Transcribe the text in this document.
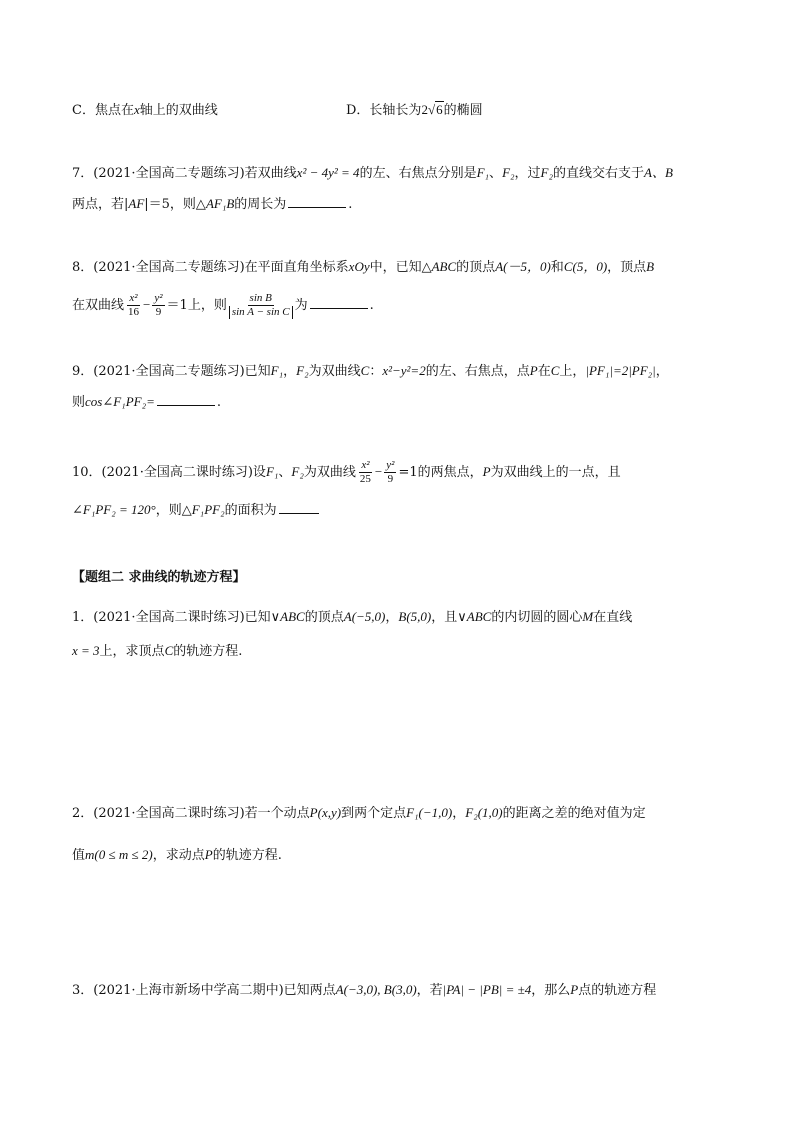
C．焦点在x轴上的双曲线	D．长轴长为2√6的椭圆
7．(2021·全国高二专题练习)若双曲线x² − 4y² = 4的左、右焦点分别是F₁、F₂，过F₂的直线交右支于A、B
两点，若|AF|＝5，则△AF₁B的周长为	.
8．(2021·全国高二专题练习)在平面直角坐标系xOy中，已知△ABC的顶点A(－5，0)和C(5，0)，顶点B
在双曲线 $\frac{\text{x²}}{16} - \frac{\text{y²}}{9} =1$上，则 $\frac{\text{sin B}}{\text{sin A − sin C}}$ 为	.
9．(2021·全国高二专题练习)已知F₁，F₂为双曲线C：x²−y²=2的左、右焦点，点P在C上，|PF₁|=2|PF₂|，
则cos∠F₁PF₂=	.
10．(2021·全国高二课时练习)设F₁、F₂为双曲线 $\frac{\text{x²}}{25} - \frac{\text{y²}}{9} =1$的两焦点，P为双曲线上的一点，且
∠F₁PF₂ = 120°，则△F₁PF₂的面积为
【题组二 求曲线的轨迹方程】
1．(2021·全国高二课时练习)已知∨ABC的顶点A(−5,0)，B(5,0)，且∨ABC的内切圆的圆心M在直线
x = 3上，求顶点C的轨迹方程.
2．(2021·全国高二课时练习)若一个动点P(x,y)到两个定点F₁(−1,0)，F₂(1,0)的距离之差的绝对值为定
值m(0 ≤ m ≤ 2)，求动点P的轨迹方程.
3．(2021·上海市新场中学高二期中)已知两点A(−3,0), B(3,0)，若|PA| − |PB| = ±4，那么P点的轨迹方程
